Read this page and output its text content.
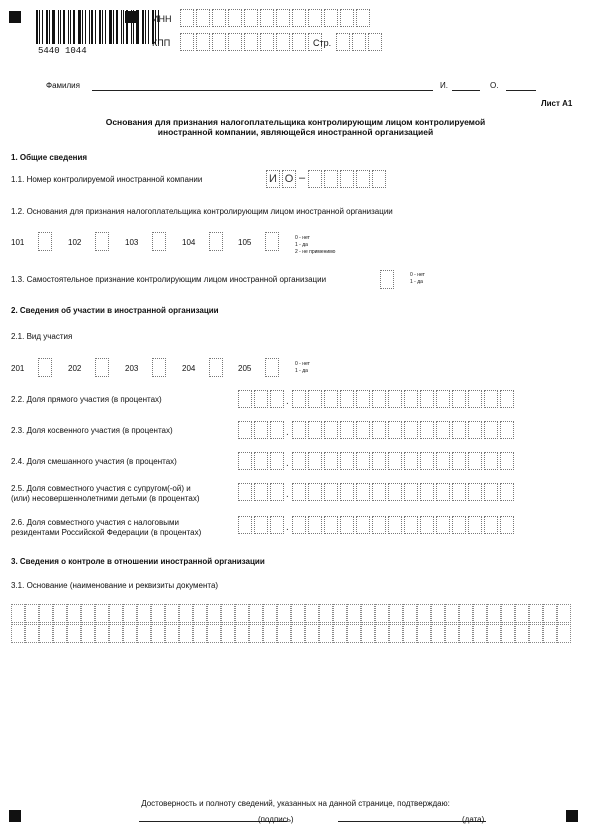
5440 1044
ИНН
КПП	Стр.
Фамилия	И.	О.
Лист А1
Основания для признания налогоплательщика контролирующим лицом контролируемой
иностранной компании, являющейся иностранной организацией
1. Общие сведения
1.1. Номер контролируемой иностранной компании	И О –
1.2. Основания для признания налогоплательщика контролирующим лицом иностранной организации
101	102	103	104	105	0 - нет
1 - да
2 - не применимо
1.3. Самостоятельное признание контролирующим лицом иностранной организации	0 - нет
1 - да
2. Сведения об участии в иностранной организации
2.1. Вид участия
201	202	203	204	205	0 - нет
1 - да
2.2. Доля прямого участия (в процентах)	.
2.3. Доля косвенного участия (в процентах)	.
2.4. Доля смешанного участия (в процентах)	.
2.5. Доля совместного участия с супругом(-ой) и
(или) несовершеннолетними детьми (в процентах)	.
2.6. Доля совместного участия с налоговыми
резидентами Российской Федерации (в процентах)	.
3. Сведения о контроле в отношении иностранной организации
3.1. Основание (наименование и реквизиты документа)
Достоверность и полноту сведений, указанных на данной странице, подтверждаю:
(подпись)	(дата)
